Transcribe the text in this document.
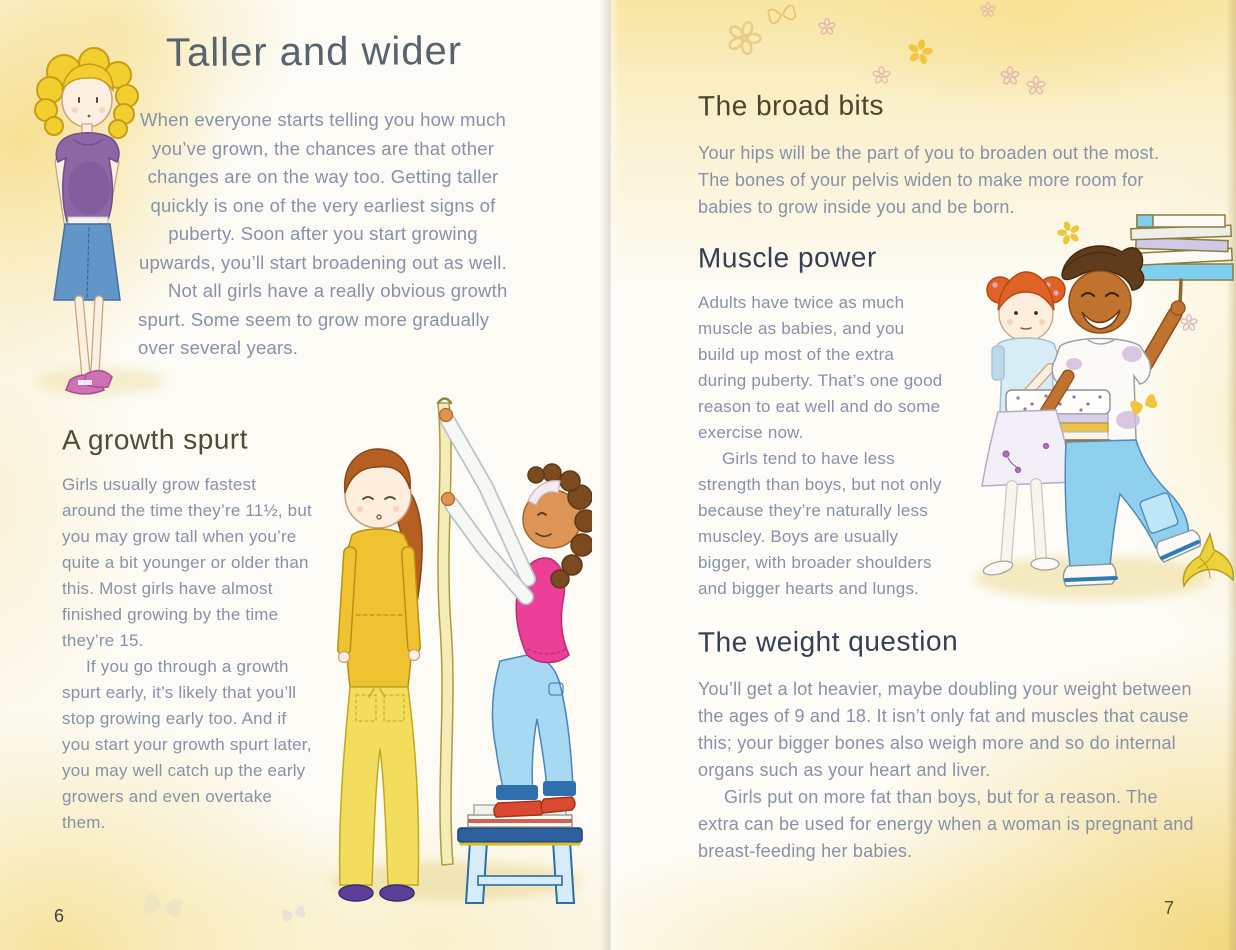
Taller and wider

When everyone starts telling you how much you’ve grown, the chances are that other changes are on the way too. Getting taller quickly is one of the very earliest signs of puberty. Soon after you start growing upwards, you’ll start broadening out as well.

Not all girls have a really obvious growth spurt. Some seem to grow more gradually over several years.

A growth spurt

Girls usually grow fastest around the time they’re 11½, but you may grow tall when you’re quite a bit younger or older than this. Most girls have almost finished growing by the time they’re 15.

If you go through a growth spurt early, it’s likely that you’ll stop growing early too. And if you start your growth spurt later, you may well catch up the early growers and even overtake them.

6
The broad bits

Your hips will be the part of you to broaden out the most. The bones of your pelvis widen to make more room for babies to grow inside you and be born.

Muscle power

Adults have twice as much muscle as babies, and you build up most of the extra during puberty. That’s one good reason to eat well and do some exercise now.

Girls tend to have less strength than boys, but not only because they’re naturally less muscley. Boys are usually bigger, with broader shoulders and bigger hearts and lungs.

The weight question

You’ll get a lot heavier, maybe doubling your weight between the ages of 9 and 18. It isn’t only fat and muscles that cause this; your bigger bones also weigh more and so do internal organs such as your heart and liver.

Girls put on more fat than boys, but for a reason. The extra can be used for energy when a woman is pregnant and breast-feeding her babies.

7
